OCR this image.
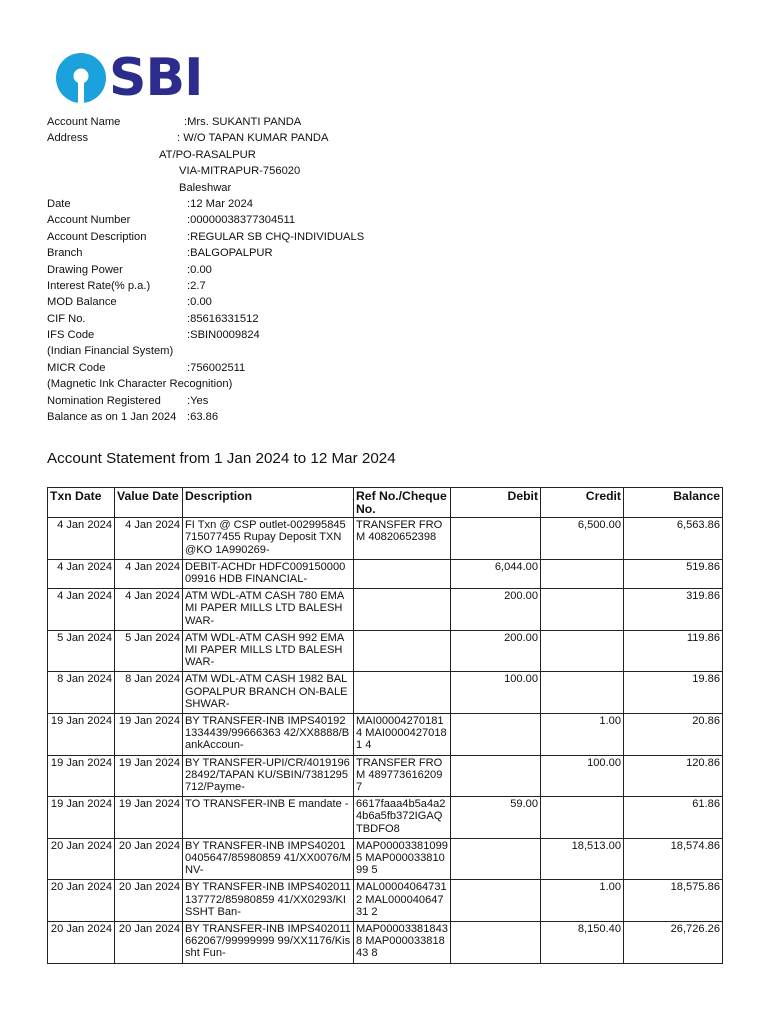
SBI
Account Name	:Mrs. SUKANTI PANDA
Address	: W/O TAPAN KUMAR PANDA
AT/PO-RASALPUR
VIA-MITRAPUR-756020
Baleshwar
Date	:12 Mar 2024
Account Number	:00000038377304511
Account Description	:REGULAR SB CHQ-INDIVIDUALS
Branch	:BALGOPALPUR
Drawing Power	:0.00
Interest Rate(% p.a.)	:2.7
MOD Balance	:0.00
CIF No.	:85616331512
IFS Code	:SBIN0009824
(Indian Financial System)
MICR Code	:756002511
(Magnetic Ink Character Recognition)
Nomination Registered :Yes
Balance as on 1 Jan 2024 :63.86
Account Statement from 1 Jan 2024 to 12 Mar 2024
Txn Date	Value Date	Description	Ref No./Cheque No.	Debit	Credit	Balance
4 Jan 2024	4 Jan 2024	FI Txn @ CSP outlet-002995845715077455 Rupay Deposit TXN @KO 1A990269-	TRANSFER FROM 40820652398		6,500.00	6,563.86
4 Jan 2024	4 Jan 2024	DEBIT-ACHDr HDFC00915000009916 HDB FINANCIAL-		6,044.00		519.86
4 Jan 2024	4 Jan 2024	ATM WDL-ATM CASH 780 EMAMI PAPER MILLS LTD BALESHWAR-		200.00		319.86
5 Jan 2024	5 Jan 2024	ATM WDL-ATM CASH 992 EMAMI PAPER MILLS LTD BALESHWAR-		200.00		119.86
8 Jan 2024	8 Jan 2024	ATM WDL-ATM CASH 1982 BALGOPALPUR BRANCH ON-BALESHWAR-		100.00		19.86
19 Jan 2024	19 Jan 2024	BY TRANSFER-INB IMPS401921334439/99666363 42/XX8888/BankAccoun-	MAI00004270181 4 MAI00004270181 4		1.00	20.86
19 Jan 2024	19 Jan 2024	BY TRANSFER-UPI/CR/401919628492/TAPAN KU/SBIN/7381295712/Payme-	TRANSFER FROM 4897736162097		100.00	120.86
19 Jan 2024	19 Jan 2024	TO TRANSFER-INB E mandate -	6617faaa4b5a4a2 4b6a5fb372IGAQ TBDFO8	59.00		61.86
20 Jan 2024	20 Jan 2024	BY TRANSFER-INB IMPS402010405647/85980859 41/XX0076/MNV-	MAP00003381099 5 MAP00003381099 5		18,513.00	18,574.86
20 Jan 2024	20 Jan 2024	BY TRANSFER-INB IMPS402011137772/85980859 41/XX0293/KISSHT Ban-	MAL00004064731 2 MAL00004064731 2		1.00	18,575.86
20 Jan 2024	20 Jan 2024	BY TRANSFER-INB IMPS402011662067/99999999 99/XX1176/Kissht Fun-	MAP00003381843 8 MAP00003381843 8		8,150.40	26,726.26
